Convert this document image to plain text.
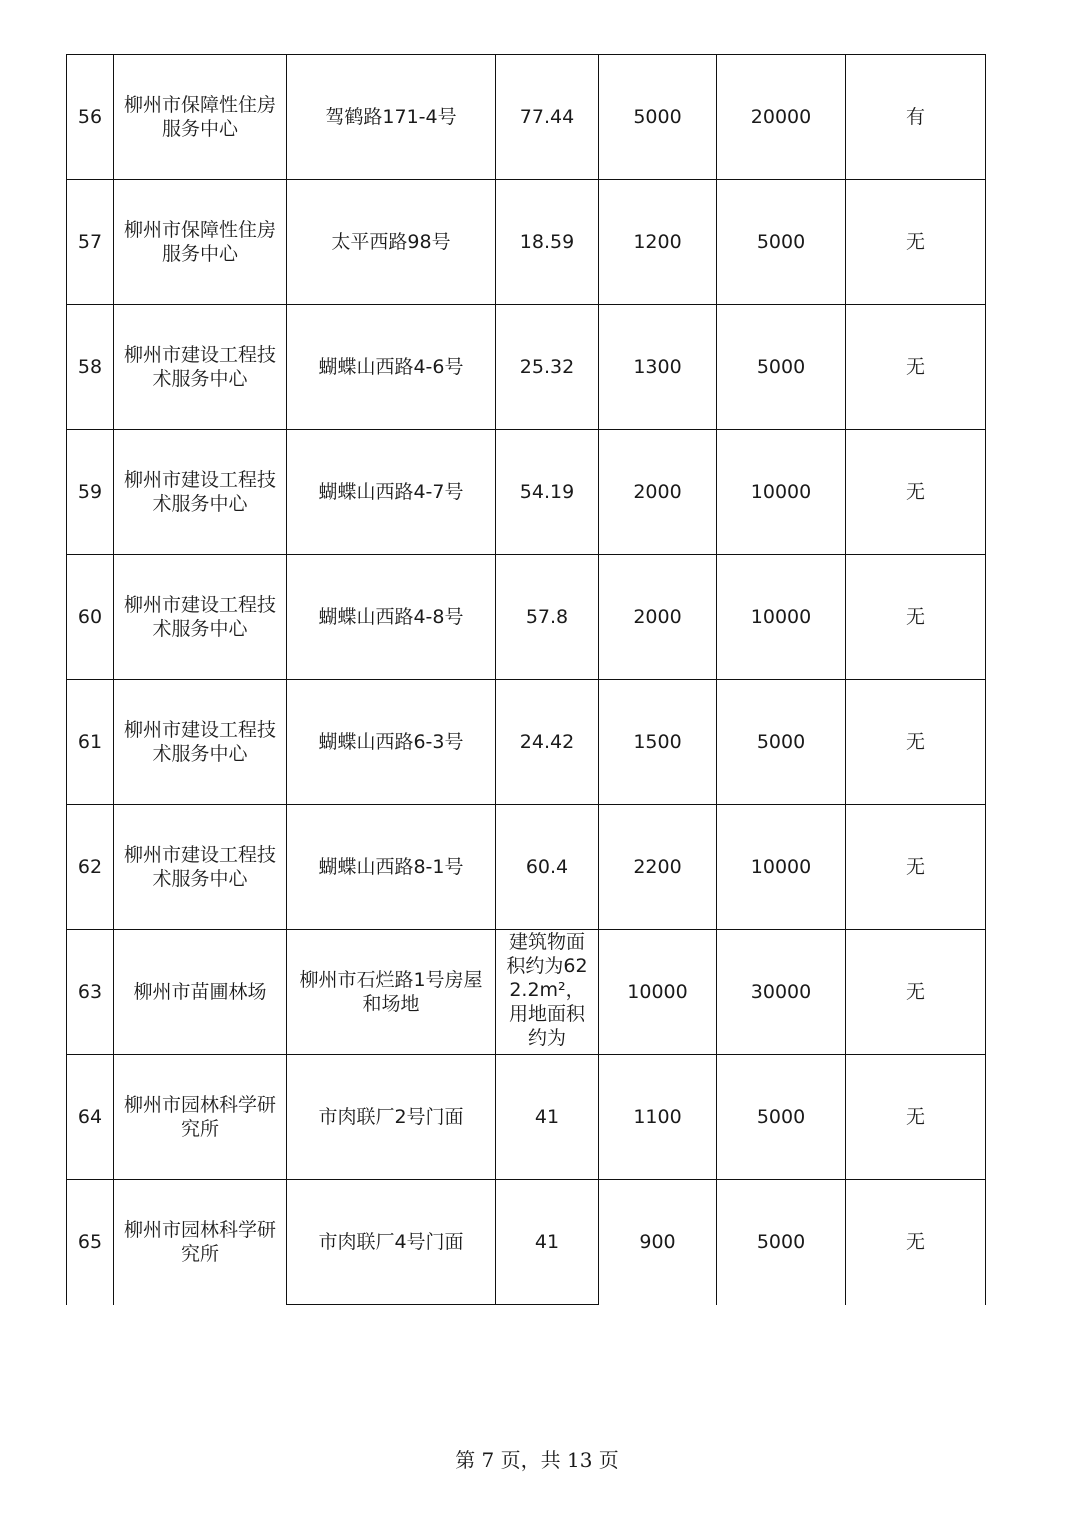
56	柳州市保障性住房服务中心	驾鹤路171-4号	77.44	5000	20000	有
57	柳州市保障性住房服务中心	太平西路98号	18.59	1200	5000	无
58	柳州市建设工程技术服务中心	蝴蝶山西路4-6号	25.32	1300	5000	无
59	柳州市建设工程技术服务中心	蝴蝶山西路4-7号	54.19	2000	10000	无
60	柳州市建设工程技术服务中心	蝴蝶山西路4-8号	57.8	2000	10000	无
61	柳州市建设工程技术服务中心	蝴蝶山西路6-3号	24.42	1500	5000	无
62	柳州市建设工程技术服务中心	蝴蝶山西路8-1号	60.4	2200	10000	无
63	柳州市苗圃林场	柳州市石烂路1号房屋和场地	建筑物面积约为622.2m²，用地面积约为	10000	30000	无
64	柳州市园林科学研究所	市肉联厂2号门面	41	1100	5000	无
65	柳州市园林科学研究所	市肉联厂4号门面	41	900	5000	无
第 7 页，共 13 页
